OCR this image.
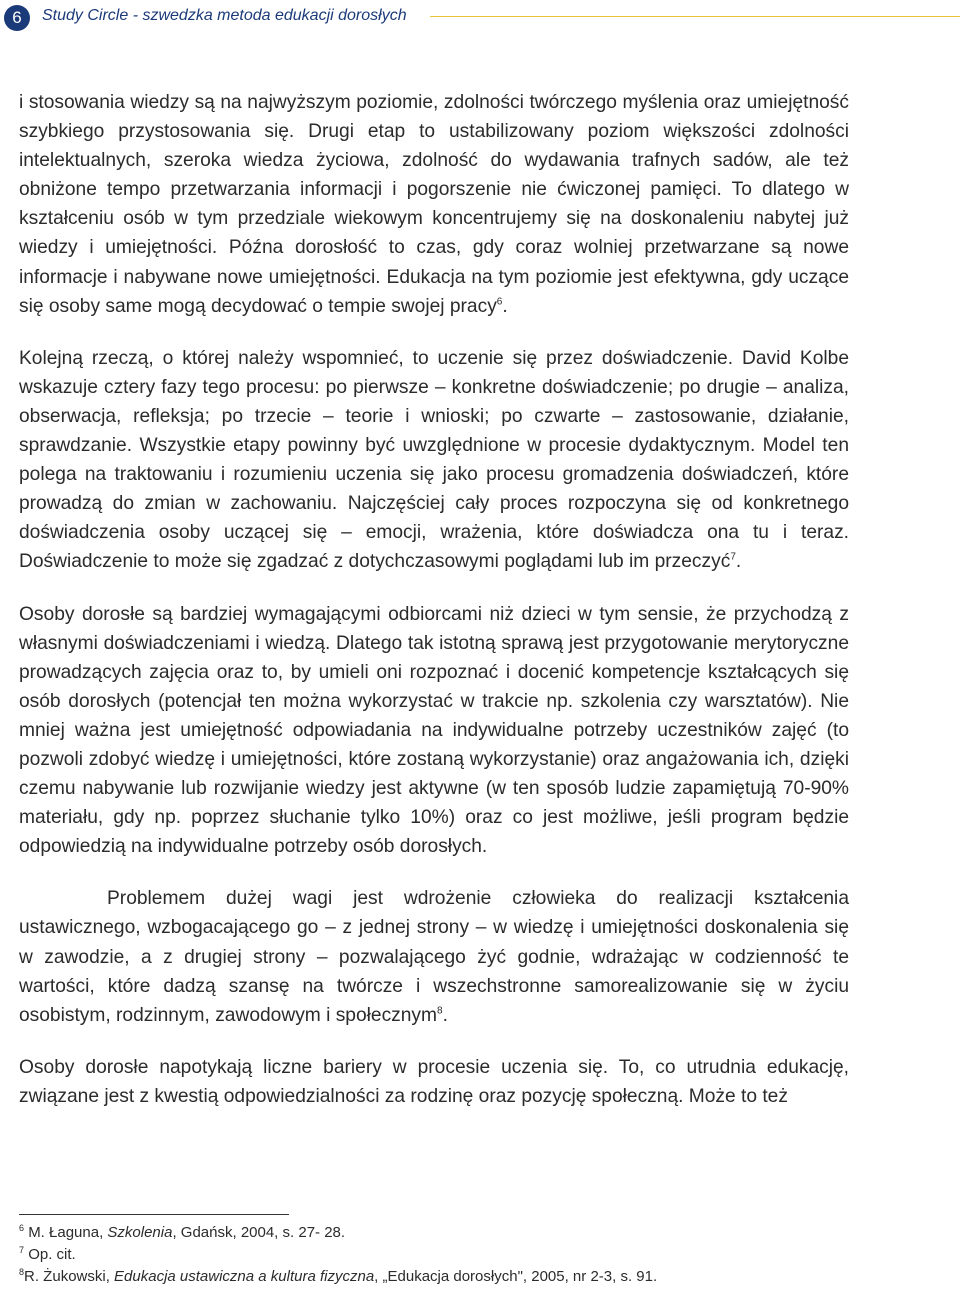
6	Study Circle - szwedzka metoda edukacji dorosłych

i stosowania wiedzy są na najwyższym poziomie, zdolności twórczego myślenia oraz umiejętność szybkiego przystosowania się. Drugi etap to ustabilizowany poziom większości zdolności intelektualnych, szeroka wiedza życiowa, zdolność do wydawania trafnych sadów, ale też obniżone tempo przetwarzania informacji i pogorszenie nie ćwiczonej pamięci. To dlatego w kształceniu osób w tym przedziale wiekowym koncentrujemy się na doskonaleniu nabytej już wiedzy i umiejętności. Późna dorosłość to czas, gdy coraz wolniej przetwarzane są nowe informacje i nabywane nowe umiejętności. Edukacja na tym poziomie jest efektywna, gdy uczące się osoby same mogą decydować o tempie swojej pracy$^6$.

Kolejną rzeczą, o której należy wspomnieć, to uczenie się przez doświadczenie. David Kolbe wskazuje cztery fazy tego procesu: po pierwsze – konkretne doświadczenie; po drugie – analiza, obserwacja, refleksja; po trzecie – teorie i wnioski; po czwarte – zastosowanie, działanie, sprawdzanie. Wszystkie etapy powinny być uwzględnione w procesie dydaktycznym. Model ten polega na traktowaniu i rozumieniu uczenia się jako procesu gromadzenia doświadczeń, które prowadzą do zmian w zachowaniu. Najczęściej cały proces rozpoczyna się od konkretnego doświadczenia osoby uczącej się – emocji, wrażenia, które doświadcza ona tu i teraz. Doświadczenie to może się zgadzać z dotychczasowymi poglądami lub im przeczyć$^7$.

Osoby dorosłe są bardziej wymagającymi odbiorcami niż dzieci w tym sensie, że przychodzą z własnymi doświadczeniami i wiedzą. Dlatego tak istotną sprawą jest przygotowanie merytoryczne prowadzących zajęcia oraz to, by umieli oni rozpoznać i docenić kompetencje kształcących się osób dorosłych (potencjał ten można wykorzystać w trakcie np. szkolenia czy warsztatów). Nie mniej ważna jest umiejętność odpowiadania na indywidualne potrzeby uczestników zajęć (to pozwoli zdobyć wiedzę i umiejętności, które zostaną wykorzystanie) oraz angażowania ich, dzięki czemu nabywanie lub rozwijanie wiedzy jest aktywne (w ten sposób ludzie zapamiętują 70-90% materiału, gdy np. poprzez słuchanie tylko 10%) oraz co jest możliwe, jeśli program będzie odpowiedzią na indywidualne potrzeby osób dorosłych.

Problemem dużej wagi jest wdrożenie człowieka do realizacji kształcenia ustawicznego, wzbogacającego go – z jednej strony – w wiedzę i umiejętności doskonalenia się w zawodzie, a z drugiej strony – pozwalającego żyć godnie, wdrażając w codzienność te wartości, które dadzą szansę na twórcze i wszechstronne samorealizowanie się w życiu osobistym, rodzinnym, zawodowym i społecznym$^8$.

Osoby dorosłe napotykają liczne bariery w procesie uczenia się. To, co utrudnia edukację, związane jest z kwestią odpowiedzialności za rodzinę oraz pozycję społeczną. Może to też

$^6$ M. Łaguna, Szkolenia, Gdańsk, 2004, s. 27- 28.

$^7$ Op. cit.

$^8$R. Żukowski, Edukacja ustawiczna a kultura fizyczna, „Edukacja dorosłych", 2005, nr 2-3, s. 91.
